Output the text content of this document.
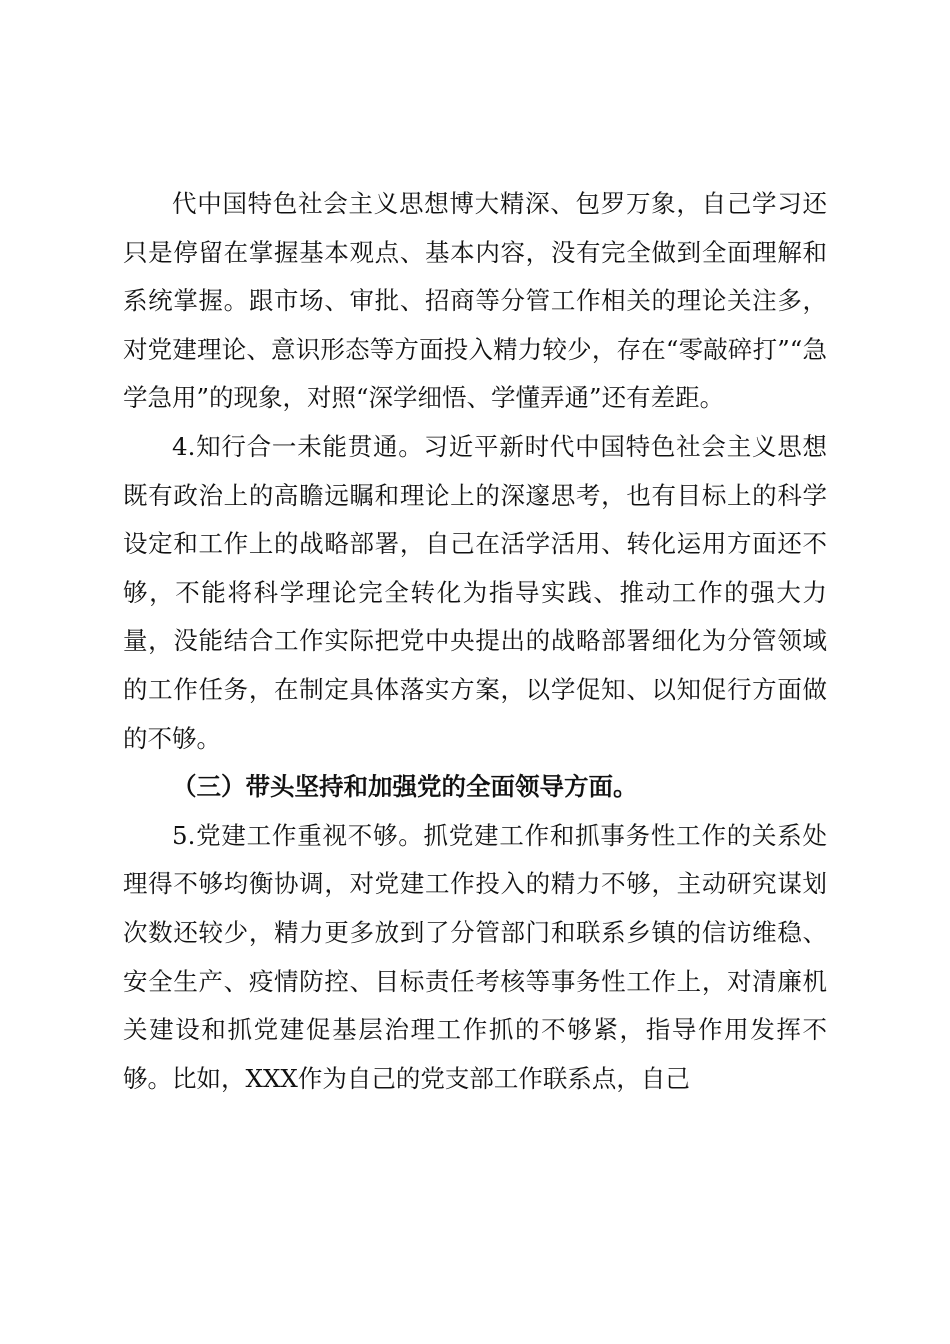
代中国特色社会主义思想博大精深、包罗万象，自己学习还只是停留在掌握基本观点、基本内容，没有完全做到全面理解和系统掌握。跟市场、审批、招商等分管工作相关的理论关注多，对党建理论、意识形态等方面投入精力较少，存在“零敲碎打”“急学急用”的现象，对照“深学细悟、学懂弄通”还有差距。

4.知行合一未能贯通。习近平新时代中国特色社会主义思想既有政治上的高瞻远瞩和理论上的深邃思考，也有目标上的科学设定和工作上的战略部署，自己在活学活用、转化运用方面还不够，不能将科学理论完全转化为指导实践、推动工作的强大力量，没能结合工作实际把党中央提出的战略部署细化为分管领域的工作任务，在制定具体落实方案，以学促知、以知促行方面做的不够。

（三）带头坚持和加强党的全面领导方面。

5.党建工作重视不够。抓党建工作和抓事务性工作的关系处理得不够均衡协调，对党建工作投入的精力不够，主动研究谋划次数还较少，精力更多放到了分管部门和联系乡镇的信访维稳、安全生产、疫情防控、目标责任考核等事务性工作上，对清廉机关建设和抓党建促基层治理工作抓的不够紧，指导作用发挥不够。比如，XXX作为自己的党支部工作联系点，自己
